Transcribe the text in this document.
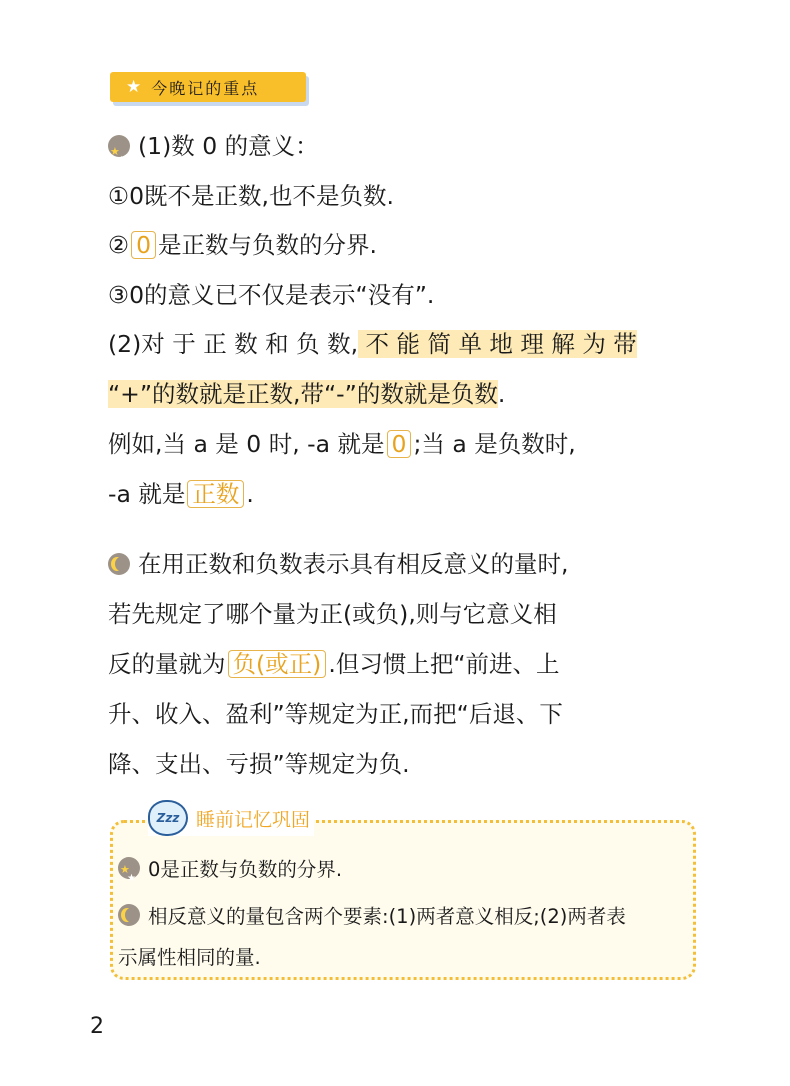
★ 今晚记的重点
★ ★(1)数 0 的意义：
①0既不是正数,也不是负数.
② 0 是正数与负数的分界.
③0的意义已不仅是表示“没有”.
(2)对 于 正 数 和 负 数, 不 能 简 单 地 理 解 为 带
“+”的数就是正数,带“-”的数就是负数.
例如,当 a 是 0 时, -a 就是 0 ;当 a 是负数时,
-a 就是 正数 .
在用正数和负数表示具有相反意义的量时,
若先规定了哪个量为正(或负),则与它意义相
反的量就为 负(或正) .但习惯上把“前进、上
升、收入、盈利”等规定为正,而把“后退、下
降、支出、亏损”等规定为负.
Zzz 睡前记忆巩固
★ ★0是正数与负数的分界.
相反意义的量包含两个要素:(1)两者意义相反;(2)两者表
示属性相同的量.
2
